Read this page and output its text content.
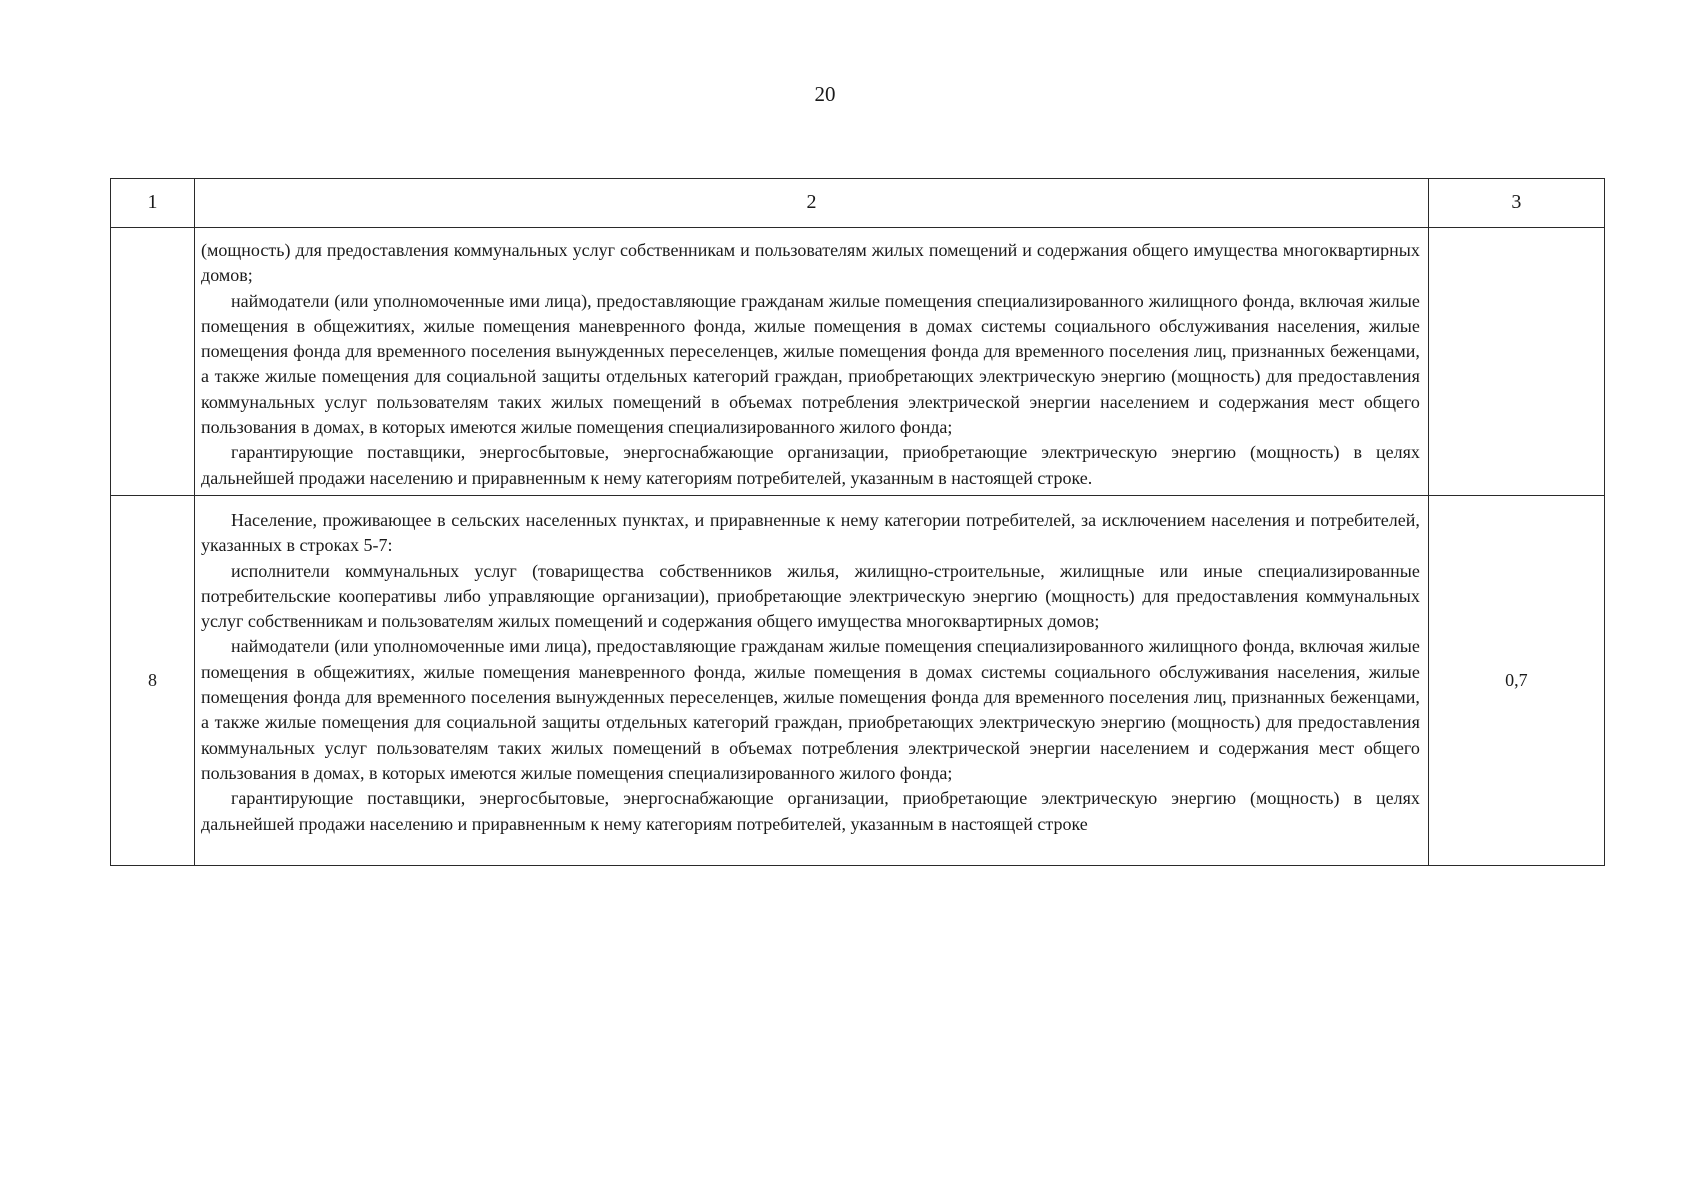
20
1	2	3

	(мощность) для предоставления коммунальных услуг собственникам и пользователям жилых помещений и содержания общего имущества многоквартирных домов;

наймодатели (или уполномоченные ими лица), предоставляющие гражданам жилые помещения специализированного жилищного фонда, включая жилые помещения в общежитиях, жилые помещения маневренного фонда, жилые помещения в домах системы социального обслуживания населения, жилые помещения фонда для временного поселения вынужденных переселенцев, жилые помещения фонда для временного поселения лиц, признанных беженцами, а также жилые помещения для социальной защиты отдельных категорий граждан, приобретающих электрическую энергию (мощность) для предоставления коммунальных услуг пользователям таких жилых помещений в объемах потребления электрической энергии населением и содержания мест общего пользования в домах, в которых имеются жилые помещения специализированного жилого фонда;

гарантирующие поставщики, энергосбытовые, энергоснабжающие организации, приобретающие электрическую энергию (мощность) в целях дальнейшей продажи населению и приравненным к нему категориям потребителей, указанным в настоящей строке.	

8	Население, проживающее в сельских населенных пунктах, и приравненные к нему категории потребителей, за исключением населения и потребителей, указанных в строках 5-7:

исполнители коммунальных услуг (товарищества собственников жилья, жилищно-строительные, жилищные или иные специализированные потребительские кооперативы либо управляющие организации), приобретающие электрическую энергию (мощность) для предоставления коммунальных услуг собственникам и пользователям жилых помещений и содержания общего имущества многоквартирных домов;

наймодатели (или уполномоченные ими лица), предоставляющие гражданам жилые помещения специализированного жилищного фонда, включая жилые помещения в общежитиях, жилые помещения маневренного фонда, жилые помещения в домах системы социального обслуживания населения, жилые помещения фонда для временного поселения вынужденных переселенцев, жилые помещения фонда для временного поселения лиц, признанных беженцами, а также жилые помещения для социальной защиты отдельных категорий граждан, приобретающих электрическую энергию (мощность) для предоставления коммунальных услуг пользователям таких жилых помещений в объемах потребления электрической энергии населением и содержания мест общего пользования в домах, в которых имеются жилые помещения специализированного жилого фонда;

гарантирующие поставщики, энергосбытовые, энергоснабжающие организации, приобретающие электрическую энергию (мощность) в целях дальнейшей продажи населению и приравненным к нему категориям потребителей, указанным в настоящей строке	0,7
